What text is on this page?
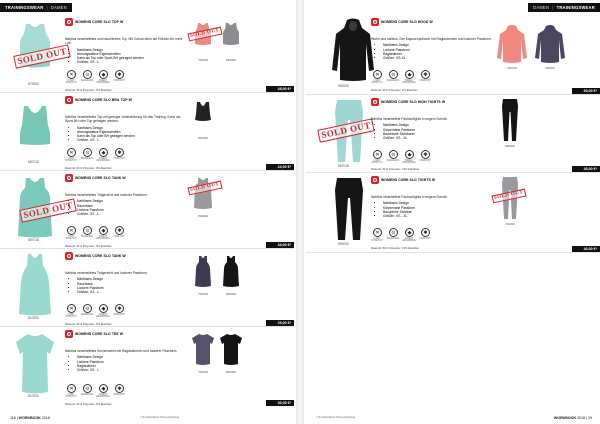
TRAININGSWEAR | DAMEN
SOLD OUT
879200
WOMENS CORE SLO TOP W

Nahtlos verarbeitetes und bauchfreies Top. Mit Cutout oben am Rücken für mehr Luft.

• Nahtloses Design
• Atmungsaktive Eigenschaften
• Kann als Top oder Sport-BH getragen werden
• Größen: XS - L
SOLD OUT
790200	830000
✕
4 WAY STRETCH
⊙
SEAMLESS
◆
SWEAT ABSORBING
✱
COMFORT
Material: 91% Polyester, 9% Elasthan	28,00 €*
687018
WOMENS CORE SLO BRA TOP W

Nahtlos verarbeitetes Top mit geringer Unterstützung für das Training. Kann als Sport-BH oder Top getragen werden.

• Nahtloses Design
• Atmungsaktive Eigenschaften
• Kann als Top oder BH getragen werden
• Größen: XS - L
990000
✕
4 WAY STRETCH
⊙
SEAMLESS
◆
SWEAT ABSORBING
✱
COMFORT
Material: 91% Polyester, 9% Elasthan	24,00 €*
SOLD OUT
687018
WOMENS CORE SLO TANK W

Nahtlos verarbeitetes Trägershirt und lockerer Passform.

• Nahtloses Design
• Racerback
• Lockere Passform
• Größen: XS - L
SOLD OUT
990000
✕
4 WAY STRETCH
⊙
SEAMLESS
◆
SWEAT ABSORBING
✱
COMFORT
Material: 91% Polyester, 9% Elasthan	34,00 €*
810000
WOMENS CORE SLO TANK W

Nahtlos verarbeitetes Trägershirt und lockerer Passform.

• Nahtloses Design
• Racerback
• Lockere Passform
• Größen: XS - L
790200	990000
✕
4 WAY STRETCH
⊙
SEAMLESS
◆
SWEAT ABSORBING
✱
COMFORT
Material: 91% Polyester, 9% Elasthan	29,00 €*
810000
WOMENS CORE SLO TEE W

Nahtlos verarbeitetes Kurzarmshirt mit Raglanärmeln und lockerer Passform.

• Nahtloses Design
• Lockere Passform
• Raglanärmel
• Größen: XS - L
790200	990000
✕
4 WAY STRETCH
⊙
SEAMLESS
◆
SWEAT ABSORBING
✱
COMFORT
Material: 91% Polyester, 9% Elasthan	30,00 €*
116 | WORKBOOK 2018	* Unverbindliche Preisempfehlung
DAMEN | TRAININGSWEAR
990000
WOMENS CORE SLO HOOD W

Warm und nahtlos. Der Kapuzenpullover mit Raglanärmeln und lockerer Passform.

• Nahtloses Design
• Lockere Passform
• Raglanärmel
• Größen: XS-XL
790200	790200
✕
4 WAY STRETCH
⊙
SEAMLESS
◆
SWEAT ABSORBING
✱
COMFORT
Material: 91% Polyester, 9% Elasthan	65,00 €*
SOLD OUT
687018
WOMENS CORE SLO HIGH TIGHTS W

Nahtlos verarbeitete Fashiontights in engem Schnitt.

• Nahtloses Design
• Körpernahe Passform
• Bauchfreie Sichtbarer
• Größen: XS - XL
990000
✕
4 WAY STRETCH
⊙
SEAMLESS
◆
SWEAT ABSORBING
✱
COMFORT
Material: 81% Polyester, 19% Elasthan	45,00 €*
990000
WOMENS CORE SLO TIGHTS W

Nahtlos verarbeitete Fashiontights in engem Schnitt.

• Nahtloses Design
• Körpernahe Passform
• Bauchfreie Sichtbar
• Größen: XS - XL
SOLD OUT
790200
✕
4 WAY STRETCH
⊙
SEAMLESS
◆
SWEAT ABSORBING
✱
COMFORT
Material: 81% Polyester, 19% Elasthan	40,00 €*
* Unverbindliche Preisempfehlung	WORKBOOK 2018 | 19
